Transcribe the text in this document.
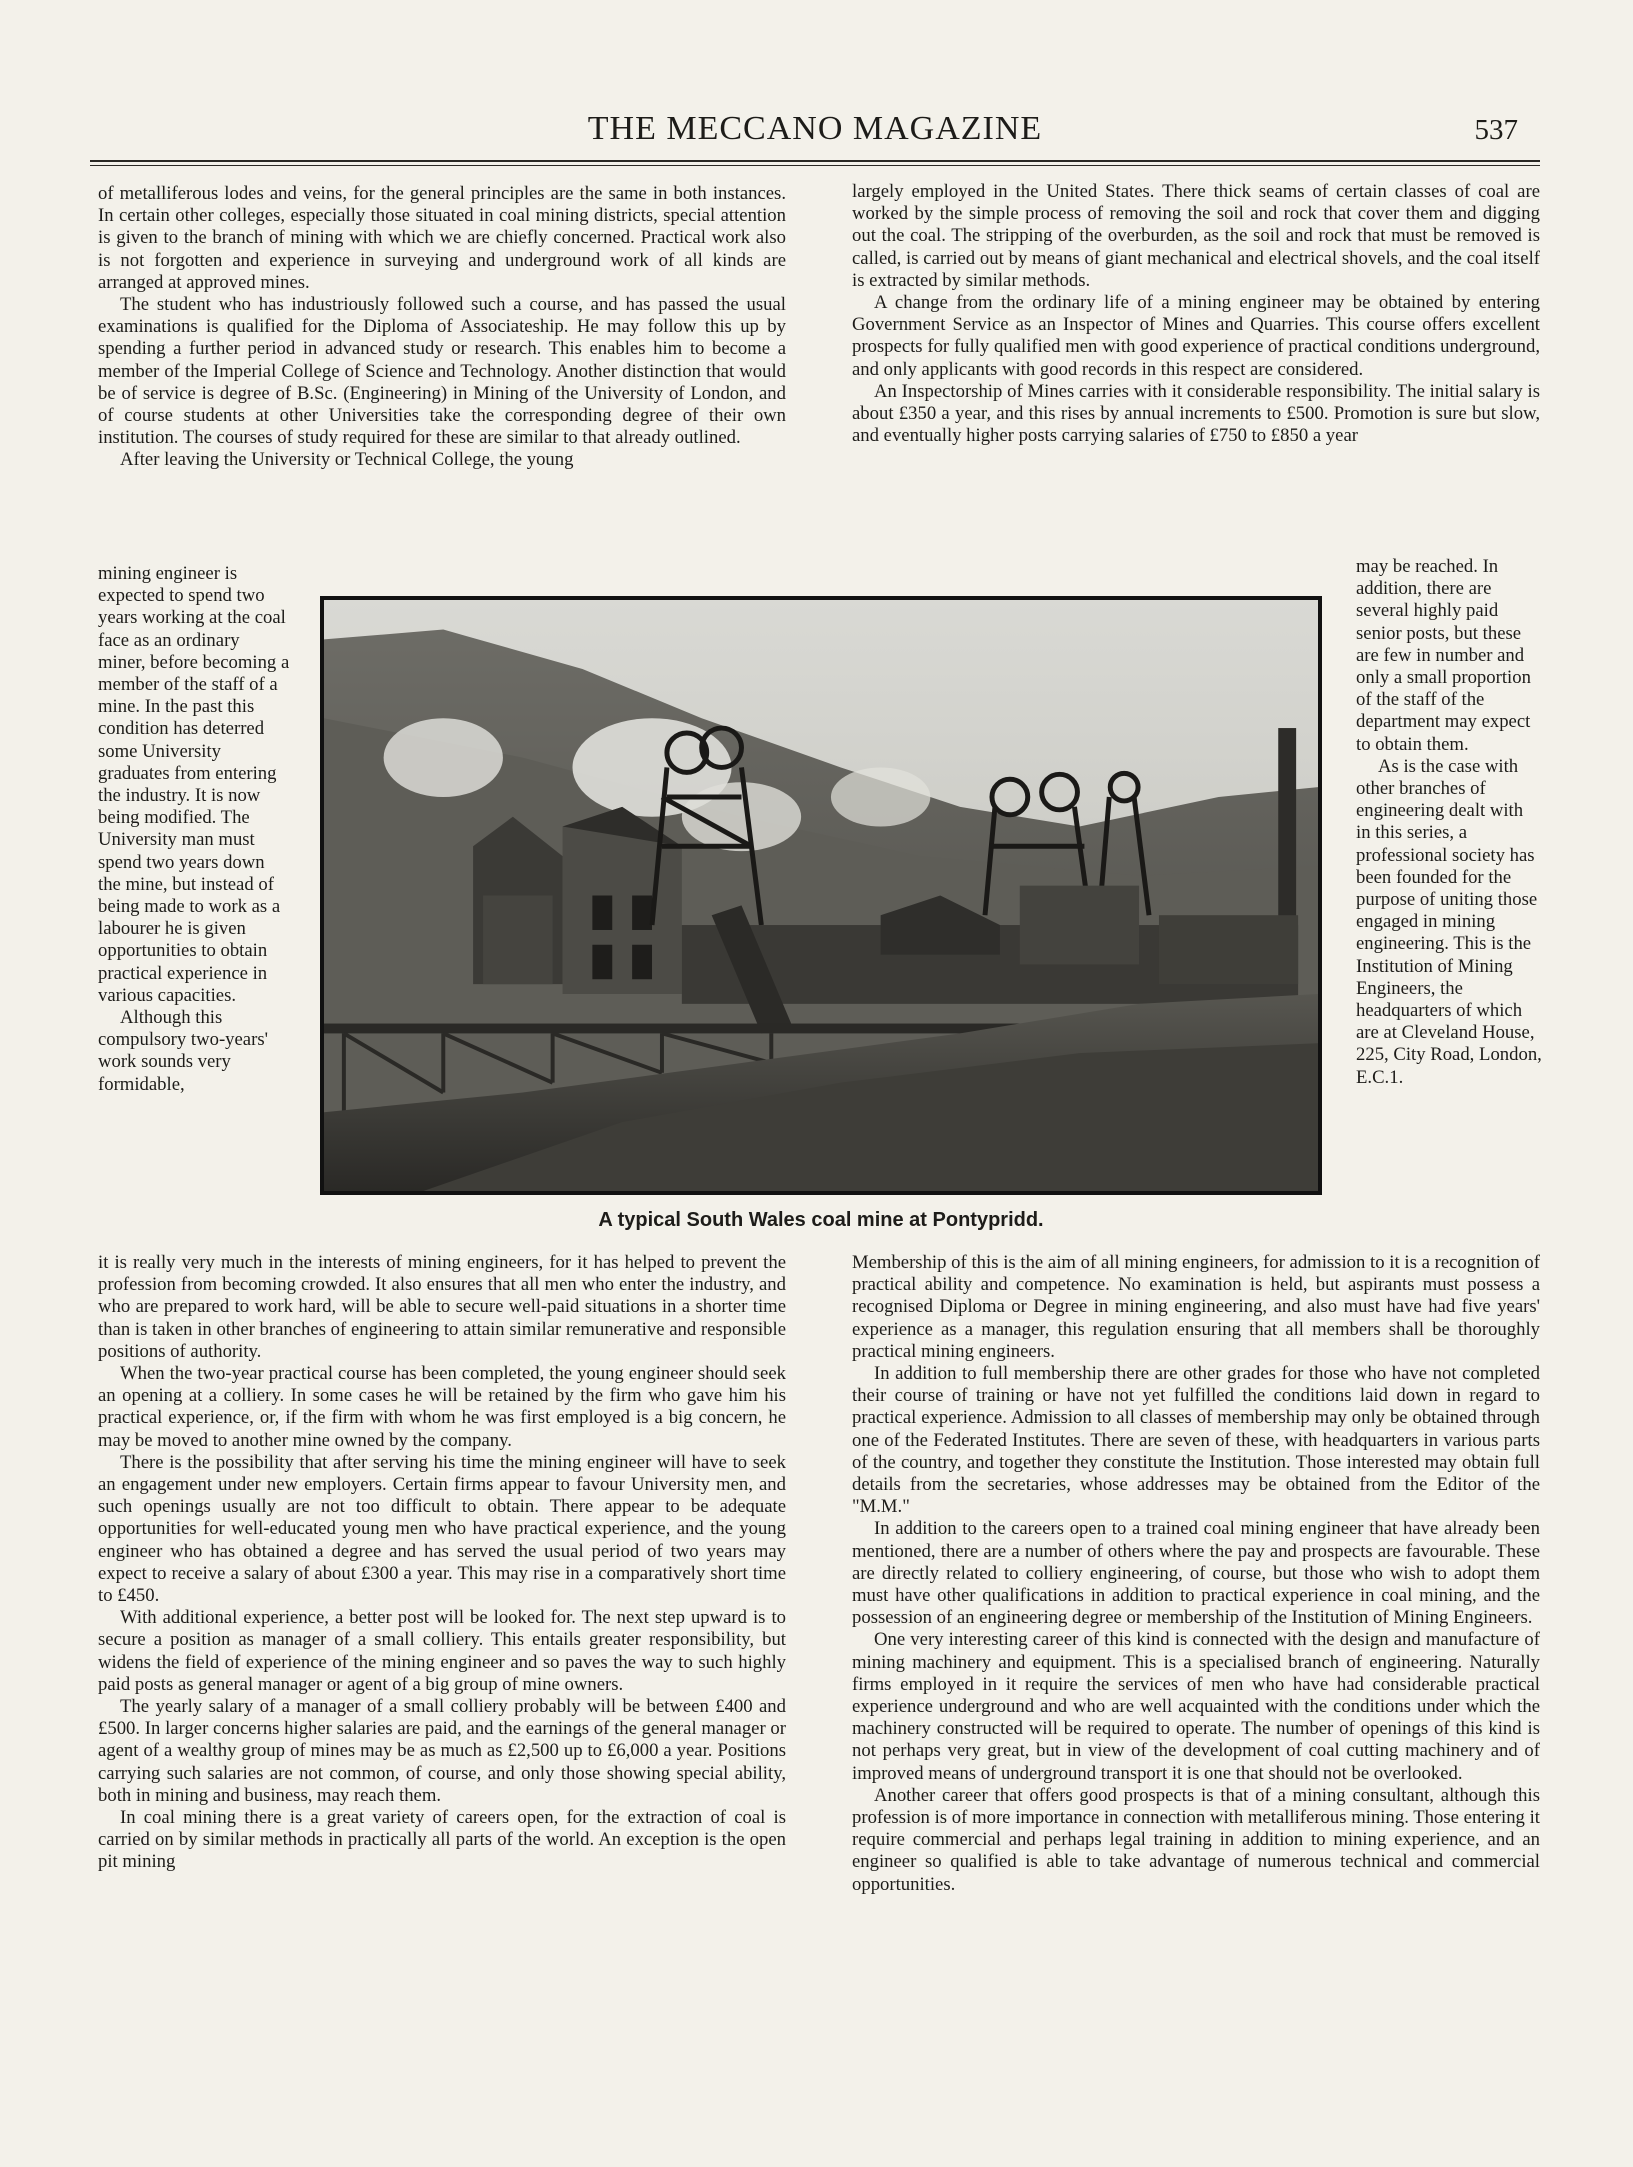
THE MECCANO MAGAZINE	537

of metalliferous lodes and veins, for the general principles are the same in both instances. In certain other colleges, especially those situated in coal mining districts, special attention is given to the branch of mining with which we are chiefly concerned. Practical work also is not forgotten and experience in surveying and underground work of all kinds are arranged at approved mines.

The student who has industriously followed such a course, and has passed the usual examinations is qualified for the Diploma of Associateship. He may follow this up by spending a further period in advanced study or research. This enables him to become a member of the Imperial College of Science and Technology. Another distinction that would be of service is degree of B.Sc. (Engineering) in Mining of the University of London, and of course students at other Universities take the corresponding degree of their own institution. The courses of study required for these are similar to that already outlined.

After leaving the University or Technical College, the young

mining engineer is expected to spend two years working at the coal face as an ordinary miner, before becoming a member of the staff of a mine. In the past this condition has deterred some University graduates from entering the industry. It is now being modified. The University man must spend two years down the mine, but instead of being made to work as a labourer he is given opportunities to obtain practical experience in various capacities.

Although this compulsory two-years' work sounds very formidable,

it is really very much in the interests of mining engineers, for it has helped to prevent the profession from becoming crowded. It also ensures that all men who enter the industry, and who are prepared to work hard, will be able to secure well-paid situations in a shorter time than is taken in other branches of engineering to attain similar remunerative and responsible positions of authority.

When the two-year practical course has been completed, the young engineer should seek an opening at a colliery. In some cases he will be retained by the firm who gave him his practical experience, or, if the firm with whom he was first employed is a big concern, he may be moved to another mine owned by the company.

There is the possibility that after serving his time the mining engineer will have to seek an engagement under new employers. Certain firms appear to favour University men, and such openings usually are not too difficult to obtain. There appear to be adequate opportunities for well-educated young men who have practical experience, and the young engineer who has obtained a degree and has served the usual period of two years may expect to receive a salary of about £300 a year. This may rise in a comparatively short time to £450.

With additional experience, a better post will be looked for. The next step upward is to secure a position as manager of a small colliery. This entails greater responsibility, but widens the field of experience of the mining engineer and so paves the way to such highly paid posts as general manager or agent of a big group of mine owners.

The yearly salary of a manager of a small colliery probably will be between £400 and £500. In larger concerns higher salaries are paid, and the earnings of the general manager or agent of a wealthy group of mines may be as much as £2,500 up to £6,000 a year. Positions carrying such salaries are not common, of course, and only those showing special ability, both in mining and business, may reach them.

In coal mining there is a great variety of careers open, for the extraction of coal is carried on by similar methods in practically all parts of the world. An exception is the open pit mining

largely employed in the United States. There thick seams of certain classes of coal are worked by the simple process of removing the soil and rock that cover them and digging out the coal. The stripping of the overburden, as the soil and rock that must be removed is called, is carried out by means of giant mechanical and electrical shovels, and the coal itself is extracted by similar methods.

A change from the ordinary life of a mining engineer may be obtained by entering Government Service as an Inspector of Mines and Quarries. This course offers excellent prospects for fully qualified men with good experience of practical conditions underground, and only applicants with good records in this respect are considered.

An Inspectorship of Mines carries with it considerable responsibility. The initial salary is about £350 a year, and this rises by annual increments to £500. Promotion is sure but slow, and eventually higher posts carrying salaries of £750 to £850 a year

may be reached. In addition, there are several highly paid senior posts, but these are few in number and only a small proportion of the staff of the department may expect to obtain them.

As is the case with other branches of engineering dealt with in this series, a professional society has been founded for the purpose of uniting those engaged in mining engineering. This is the Institution of Mining Engineers, the headquarters of which are at Cleveland House, 225, City Road, London, E.C.1.

Membership of this is the aim of all mining engineers, for admission to it is a recognition of practical ability and competence. No examination is held, but aspirants must possess a recognised Diploma or Degree in mining engineering, and also must have had five years' experience as a manager, this regulation ensuring that all members shall be thoroughly practical mining engineers.

In addition to full membership there are other grades for those who have not completed their course of training or have not yet fulfilled the conditions laid down in regard to practical experience. Admission to all classes of membership may only be obtained through one of the Federated Institutes. There are seven of these, with headquarters in various parts of the country, and together they constitute the Institution. Those interested may obtain full details from the secretaries, whose addresses may be obtained from the Editor of the "M.M."

In addition to the careers open to a trained coal mining engineer that have already been mentioned, there are a number of others where the pay and prospects are favourable. These are directly related to colliery engineering, of course, but those who wish to adopt them must have other qualifications in addition to practical experience in coal mining, and the possession of an engineering degree or membership of the Institution of Mining Engineers.

One very interesting career of this kind is connected with the design and manufacture of mining machinery and equipment. This is a specialised branch of engineering. Naturally firms employed in it require the services of men who have had considerable practical experience underground and who are well acquainted with the conditions under which the machinery constructed will be required to operate. The number of openings of this kind is not perhaps very great, but in view of the development of coal cutting machinery and of improved means of underground transport it is one that should not be overlooked.

Another career that offers good prospects is that of a mining consultant, although this profession is of more importance in connection with metalliferous mining. Those entering it require commercial and perhaps legal training in addition to mining experience, and an engineer so qualified is able to take advantage of numerous technical and commercial opportunities.

A typical South Wales coal mine at Pontypridd.
